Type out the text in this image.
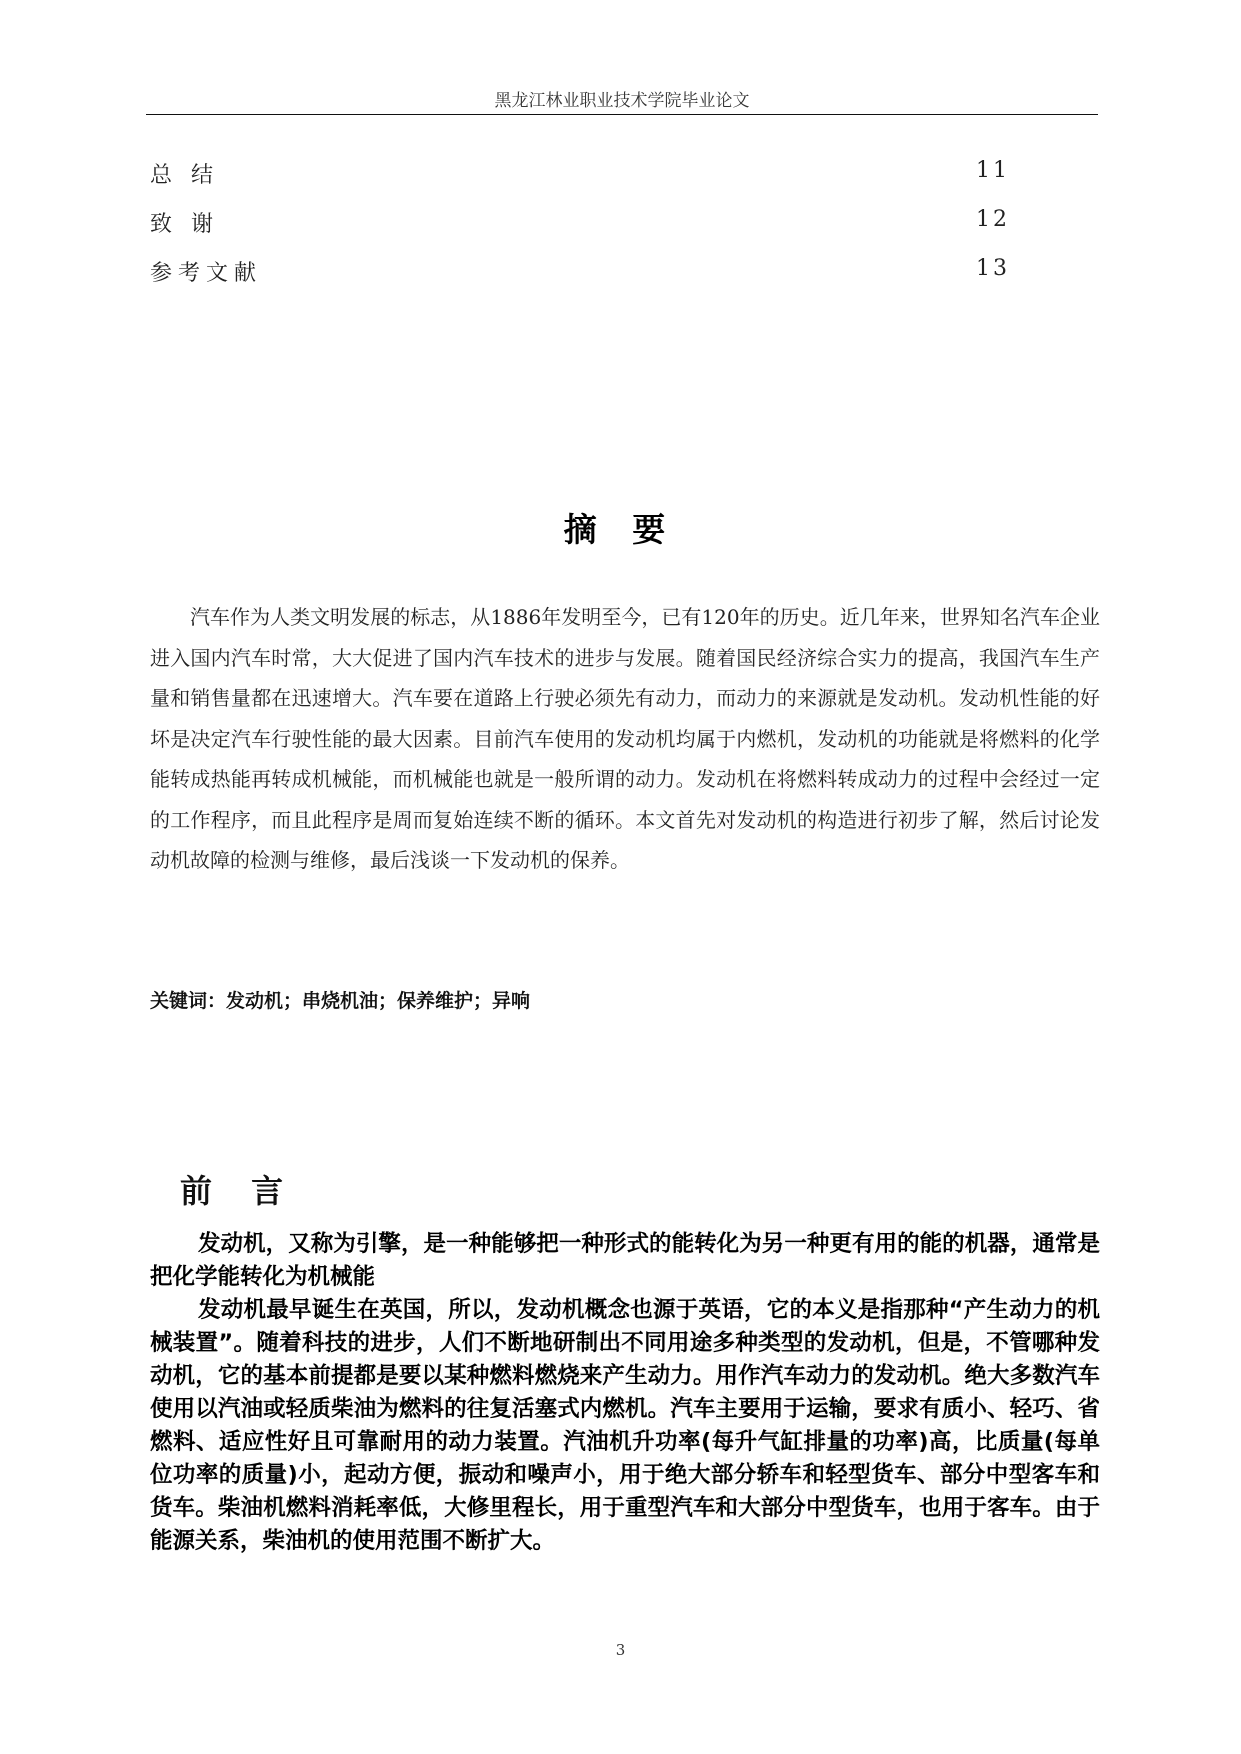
黑龙江林业职业技术学院毕业论文
总 结	11
致 谢	12
参考文献	13
摘 要

汽车作为人类文明发展的标志，从1886年发明至今，已有120年的历史。近几年来，世界知名汽车企业进入国内汽车时常，大大促进了国内汽车技术的进步与发展。随着国民经济综合实力的提高，我国汽车生产量和销售量都在迅速增大。汽车要在道路上行驶必须先有动力，而动力的来源就是发动机。发动机性能的好坏是决定汽车行驶性能的最大因素。目前汽车使用的发动机均属于内燃机，发动机的功能就是将燃料的化学能转成热能再转成机械能，而机械能也就是一般所谓的动力。发动机在将燃料转成动力的过程中会经过一定的工作程序，而且此程序是周而复始连续不断的循环。本文首先对发动机的构造进行初步了解，然后讨论发动机故障的检测与维修，最后浅谈一下发动机的保养。

关键词：发动机；串烧机油；保养维护；异响
前 言

发动机，又称为引擎，是一种能够把一种形式的能转化为另一种更有用的能的机器，通常是把化学能转化为机械能

发动机最早诞生在英国，所以，发动机概念也源于英语，它的本义是指那种“产生动力的机械装置”。随着科技的进步，人们不断地研制出不同用途多种类型的发动机，但是，不管哪种发动机，它的基本前提都是要以某种燃料燃烧来产生动力。用作汽车动力的发动机。绝大多数汽车使用以汽油或轻质柴油为燃料的往复活塞式内燃机。汽车主要用于运输，要求有质小、轻巧、省燃料、适应性好且可靠耐用的动力装置。汽油机升功率(每升气缸排量的功率)高，比质量(每单位功率的质量)小，起动方便，振动和噪声小，用于绝大部分轿车和轻型货车、部分中型客车和货车。柴油机燃料消耗率低，大修里程长，用于重型汽车和大部分中型货车，也用于客车。由于能源关系，柴油机的使用范围不断扩大。

3
